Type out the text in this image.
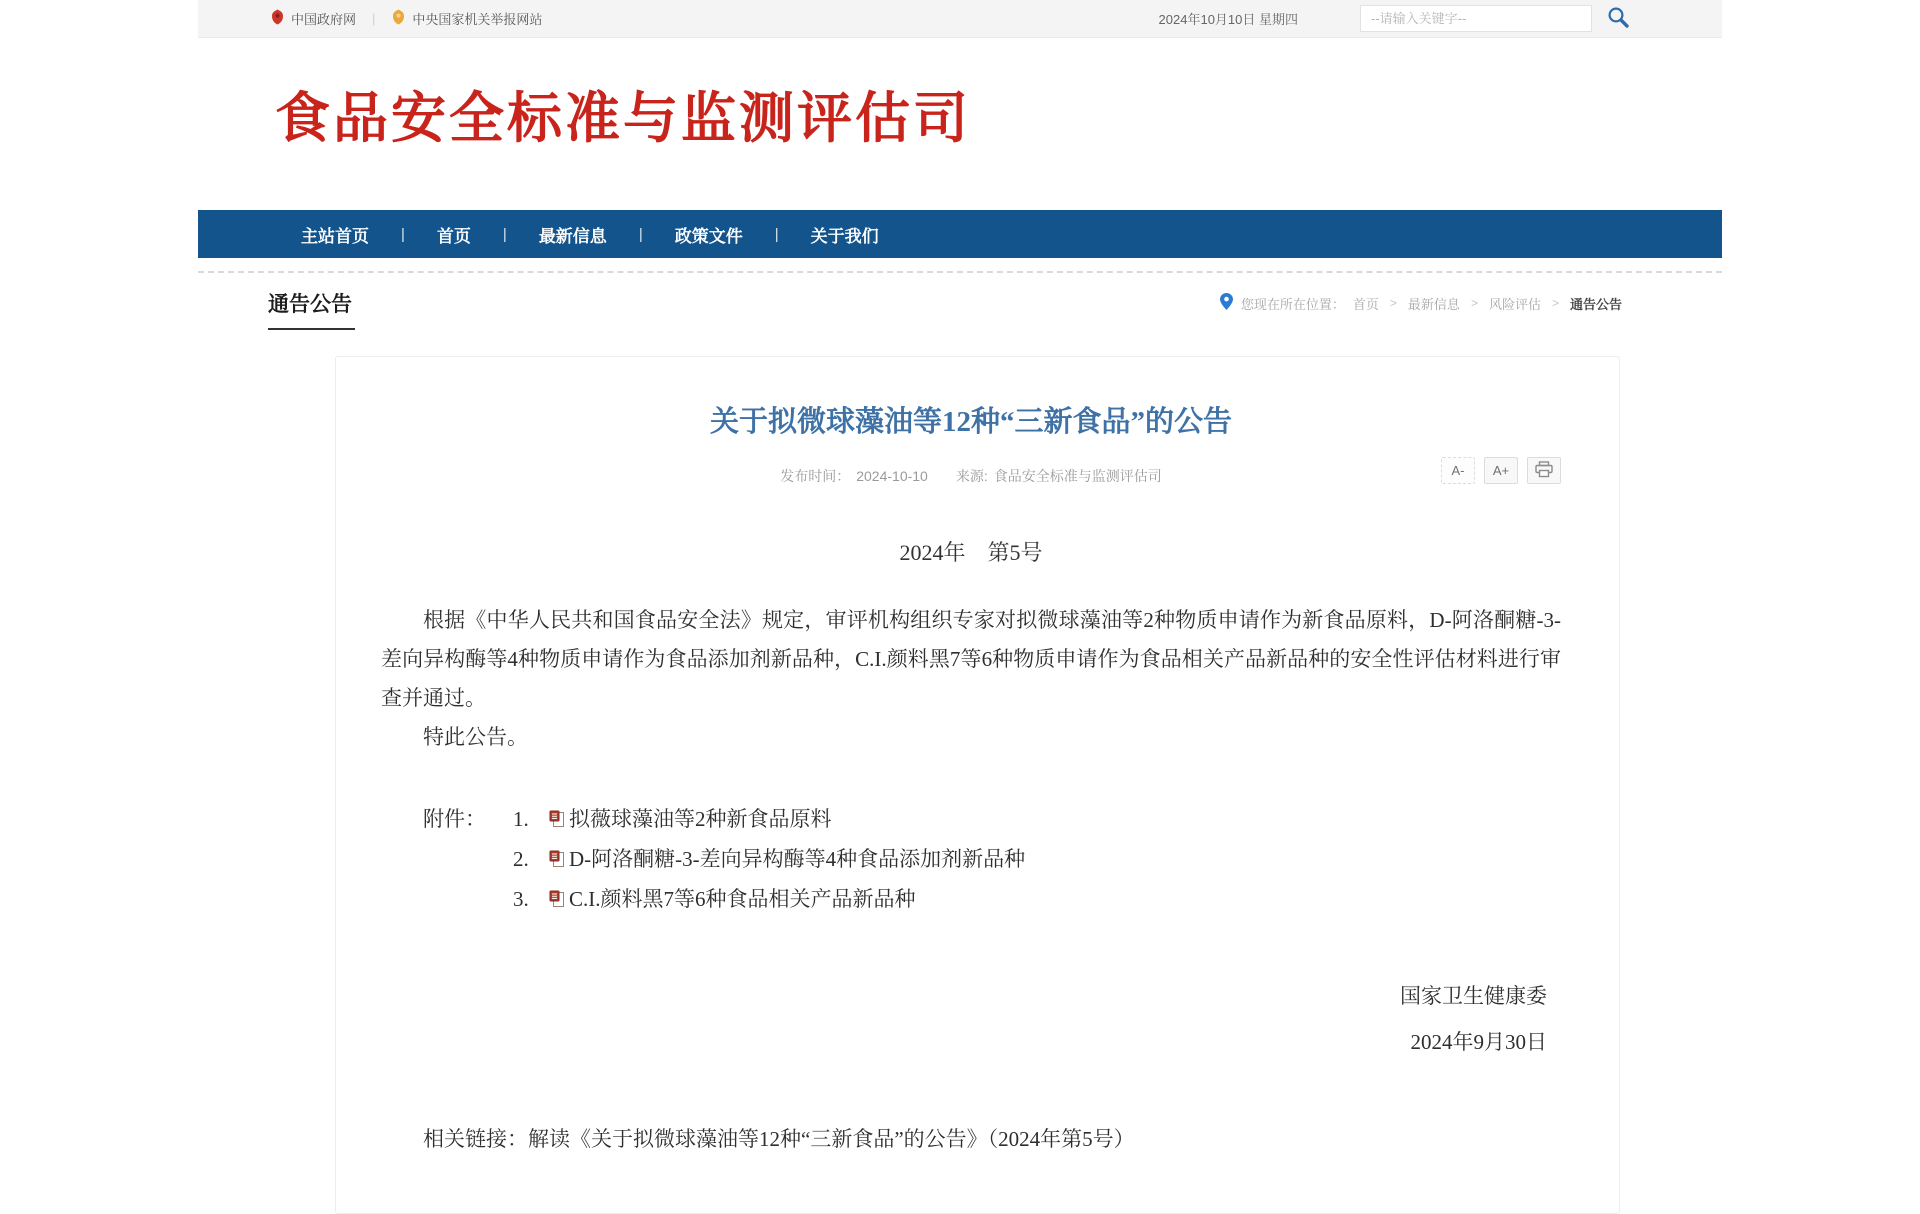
中国政府网 |	中央国家机关举报网站	2024年10月10日 星期四
--请输入关键字--
食品安全标准与监测评估司
主站首页 | 首页 | 最新信息 | 政策文件 | 关于我们
通告公告	您现在所在位置： 首页 > 最新信息 > 风险评估 > 通告公告
关于拟微球藻油等12种“三新食品”的公告
发布时间： 2024-10-10 来源: 食品安全标准与监测评估司	A-	A+
2024年　第5号

根据《中华人民共和国食品安全法》规定，审评机构组织专家对拟微球藻油等2种物质申请作为新食品原料，D-阿洛酮糖-3-差向异构酶等4种物质申请作为食品添加剂新品种，C.I.颜料黑7等6种物质申请作为食品相关产品新品种的安全性评估材料进行审查并通过。

特此公告。

附件：	1.	拟薇球藻油等2种新食品原料
2.	D-阿洛酮糖-3-差向异构酶等4种食品添加剂新品种
3.	C.I.颜料黑7等6种食品相关产品新品种
国家卫生健康委
2024年9月30日
相关链接：解读《关于拟微球藻油等12种“三新食品”的公告》（2024年第5号）
